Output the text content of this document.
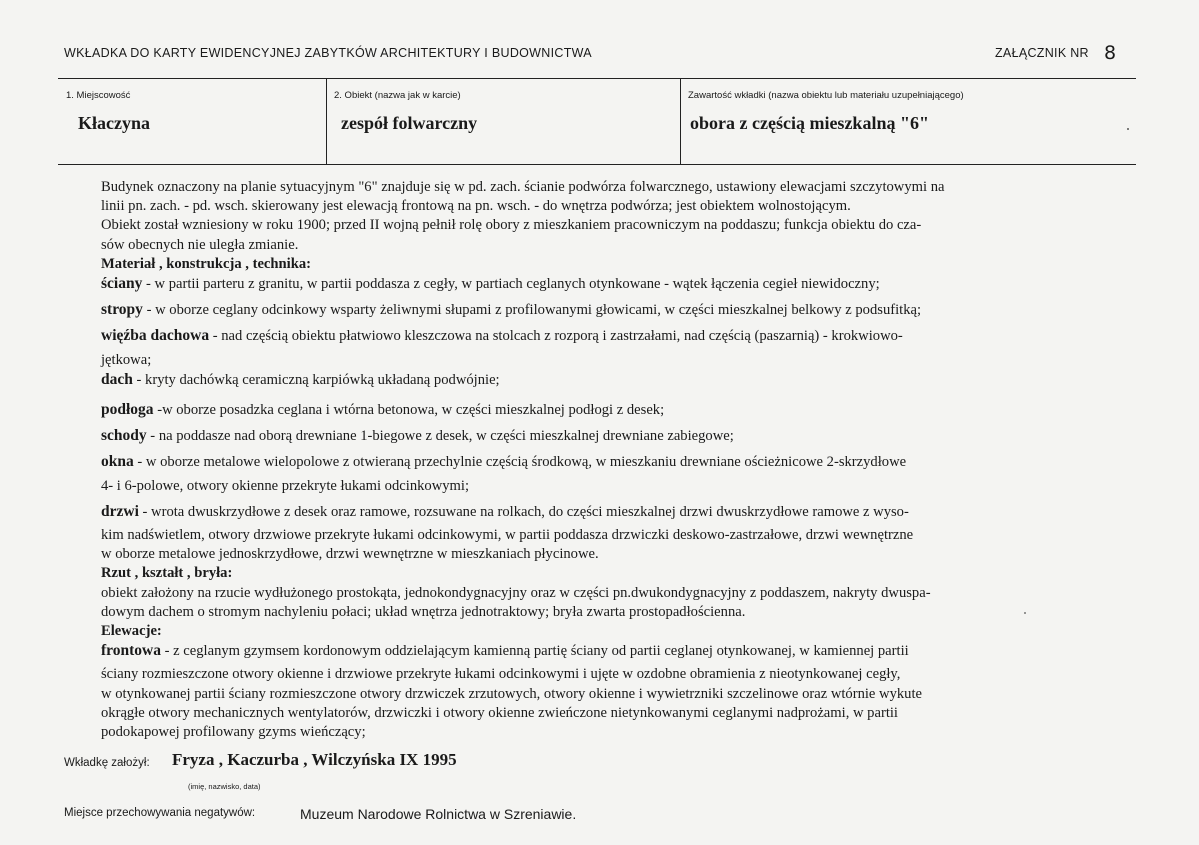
WKŁADKA DO KARTY EWIDENCYJNEJ ZABYTKÓW ARCHITEKTURY I BUDOWNICTWA	ZAŁĄCZNIK NR 8
1. Miejscowość
Kłaczyna
2. Obiekt (nazwa jak w karcie)
zespół folwarczny
Zawartość wkładki (nazwa obiektu lub materiału uzupełniającego)
obora z częścią mieszkalną "6"
Budynek oznaczony na planie sytuacyjnym "6" znajduje się w pd. zach. ścianie podwórza folwarcznego, ustawiony elewacjami szczytowymi na
linii pn. zach. - pd. wsch. skierowany jest elewacją frontową na pn. wsch. - do wnętrza podwórza; jest obiektem wolnostojącym.
Obiekt został wzniesiony w roku 1900; przed II wojną pełnił rolę obory z mieszkaniem pracowniczym na poddaszu; funkcja obiektu do cza-
sów obecnych nie uległa zmianie.
Materiał , konstrukcja , technika:
ściany - w partii parteru z granitu, w partii poddasza z cegły, w partiach ceglanych otynkowane - wątek łączenia cegieł niewidoczny;
stropy - w oborze ceglany odcinkowy wsparty żeliwnymi słupami z profilowanymi głowicami, w części mieszkalnej belkowy z podsufitką;
więźba dachowa - nad częścią obiektu płatwiowo kleszczowa na stolcach z rozporą i zastrzałami, nad częścią (paszarnią) - krokwiowo-
jętkowa;
dach - kryty dachówką ceramiczną karpiówką układaną podwójnie;
podłoga -w oborze posadzka ceglana i wtórna betonowa, w części mieszkalnej podłogi z desek;
schody - na poddasze nad oborą drewniane 1-biegowe z desek, w części mieszkalnej drewniane zabiegowe;
okna - w oborze metalowe wielopolowe z otwieraną przechylnie częścią środkową, w mieszkaniu drewniane ościeżnicowe 2-skrzydłowe
4- i 6-polowe, otwory okienne przekryte łukami odcinkowymi;
drzwi - wrota dwuskrzydłowe z desek oraz ramowe, rozsuwane na rolkach, do części mieszkalnej drzwi dwuskrzydłowe ramowe z wyso-
kim nadświetlem, otwory drzwiowe przekryte łukami odcinkowymi, w partii poddasza drzwiczki deskowo-zastrzałowe, drzwi wewnętrzne
w oborze metalowe jednoskrzydłowe, drzwi wewnętrzne w mieszkaniach płycinowe.
Rzut , kształt , bryła:
obiekt założony na rzucie wydłużonego prostokąta, jednokondygnacyjny oraz w części pn.dwukondygnacyjny z poddaszem, nakryty dwuspa-
dowym dachem o stromym nachyleniu połaci; układ wnętrza jednotraktowy; bryła zwarta prostopadłościenna.
Elewacje:
frontowa - z ceglanym gzymsem kordonowym oddzielającym kamienną partię ściany od partii ceglanej otynkowanej, w kamiennej partii
ściany rozmieszczone otwory okienne i drzwiowe przekryte łukami odcinkowymi i ujęte w ozdobne obramienia z nieotynkowanej cegły,
w otynkowanej partii ściany rozmieszczone otwory drzwiczek zrzutowych, otwory okienne i wywietrzniki szczelinowe oraz wtórnie wykute
okrągłe otwory mechanicznych wentylatorów, drzwiczki i otwory okienne zwieńczone nietynkowanymi ceglanymi nadprożami, w partii
podokapowej profilowany gzyms wieńczący;
Wkładkę założył: Fryza , Kaczurba , Wilczyńska IX 1995
(imię, nazwisko, data)
Miejsce przechowywania negatywów:	Muzeum Narodowe Rolnictwa w Szreniawie.
